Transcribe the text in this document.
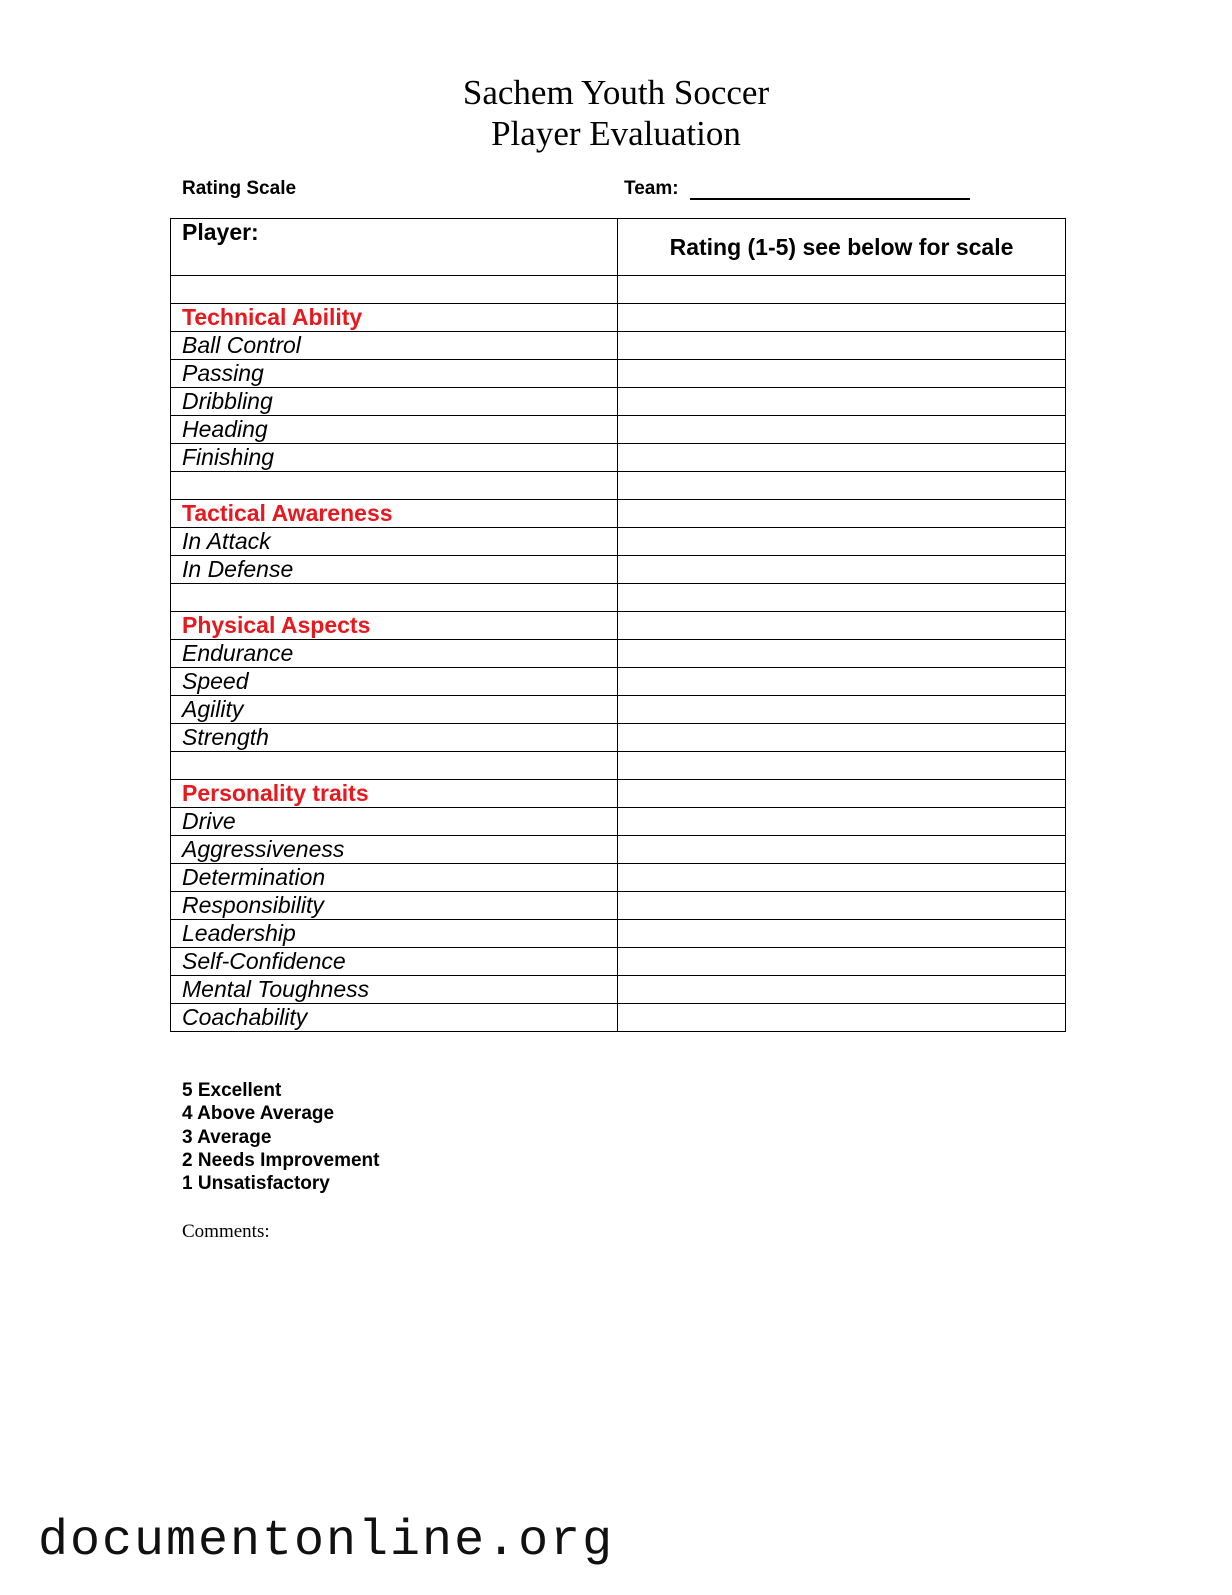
Sachem Youth Soccer
Player Evaluation
Rating Scale	Team:
Player:	Rating (1-5) see below for scale

Technical Ability	
Ball Control	
Passing	
Dribbling	
Heading	
Finishing	

Tactical Awareness	
In Attack	
In Defense	

Physical Aspects	
Endurance	
Speed	
Agility	
Strength	

Personality traits	
Drive	
Aggressiveness	
Determination	
Responsibility	
Leadership	
Self-Confidence	
Mental Toughness	
Coachability	
5 Excellent
4 Above Average
3 Average
2 Needs Improvement
1 Unsatisfactory
Comments:
documentonline.org
